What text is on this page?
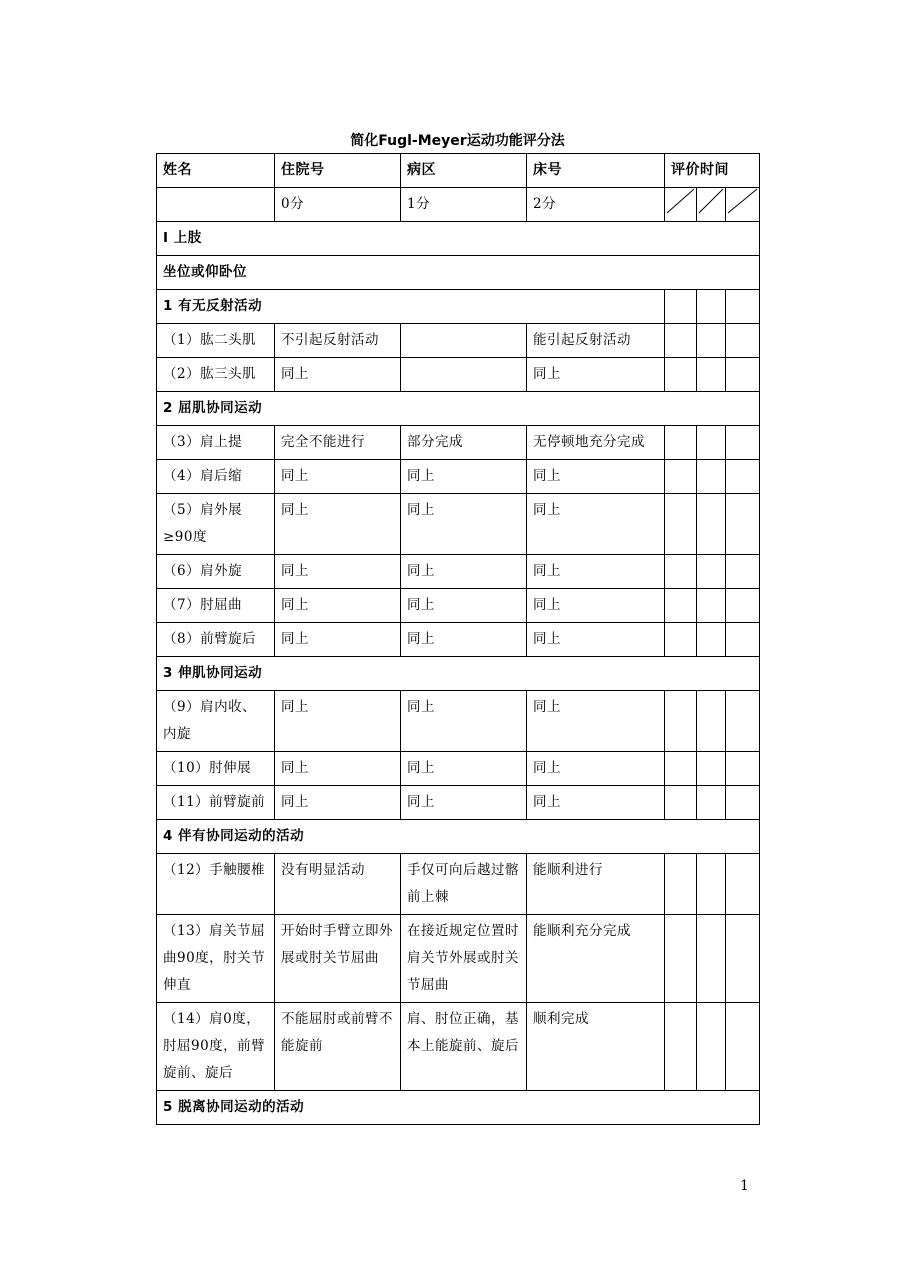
简化Fugl-Meyer运动功能评分法
姓名	住院号	病区	床号	评价时间		
	0分	1分	2分	

Ⅰ 上肢						
坐位或仰卧位						
1 有无反射活动						
（1）肱二头肌	不引起反射活动		能引起反射活动			
（2）肱三头肌	同上		同上			
2 屈肌协同运动						
（3）肩上提	完全不能进行	部分完成	无停顿地充分完成			
（4）肩后缩	同上	同上	同上			
（5）肩外展≥90度	同上	同上	同上			
（6）肩外旋	同上	同上	同上			
（7）肘屈曲	同上	同上	同上			
（8）前臂旋后	同上	同上	同上			
3 伸肌协同运动						
（9）肩内收、内旋	同上	同上	同上			
（10）肘伸展	同上	同上	同上			
（11）前臂旋前	同上	同上	同上			
4 伴有协同运动的活动						
（12）手触腰椎	没有明显活动	手仅可向后越过髂前上棘	能顺利进行			
（13）肩关节屈曲90度，肘关节伸直	开始时手臂立即外展或肘关节屈曲	在接近规定位置时肩关节外展或肘关节屈曲	能顺利充分完成			
（14）肩0度，肘屈90度，前臂旋前、旋后	不能屈肘或前臂不能旋前	肩、肘位正确，基本上能旋前、旋后	顺利完成			
5 脱离协同运动的活动						
1
